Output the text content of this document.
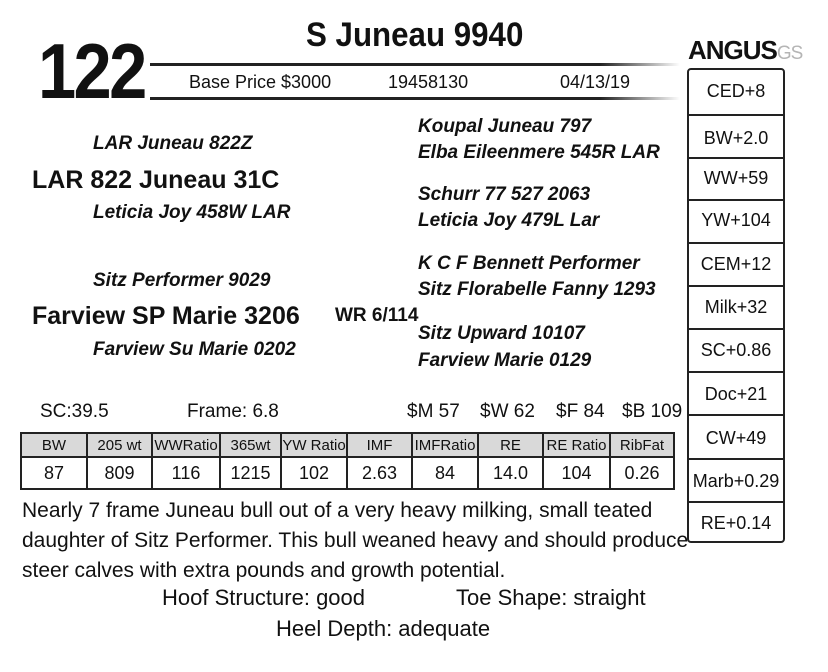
122	S Juneau 9940
Base Price $3000	19458130	04/13/19
ANGUSGS
LAR Juneau 822Z
LAR 822 Juneau 31C
Leticia Joy 458W LAR
Sitz Performer 9029
Farview SP Marie 3206 WR 6/114
Farview Su Marie 0202
Koupal Juneau 797
Elba Eileenmere 545R LAR
Schurr 77 527 2063
Leticia Joy 479L Lar
K C F Bennett Performer
Sitz Florabelle Fanny 1293
Sitz Upward 10107
Farview Marie 0129
SC:39.5	Frame: 6.8	$M 57 $W 62 $F 84 $B 109
BW	205 wt	WWRatio	365wt	YW Ratio	IMF	IMFRatio	RE	RE Ratio	RibFat
87	809	116	1215	102	2.63	84	14.0	104	0.26
CED+8
BW+2.0
WW+59
YW+104
CEM+12
Milk+32
SC+0.86
Doc+21
CW+49
Marb+0.29
RE+0.14
Nearly 7 frame Juneau bull out of a very heavy milking, small teated daughter of Sitz Performer. This bull weaned heavy and should produce steer calves with extra pounds and growth potential.
Hoof Structure: good	Toe Shape: straight
Heel Depth: adequate
